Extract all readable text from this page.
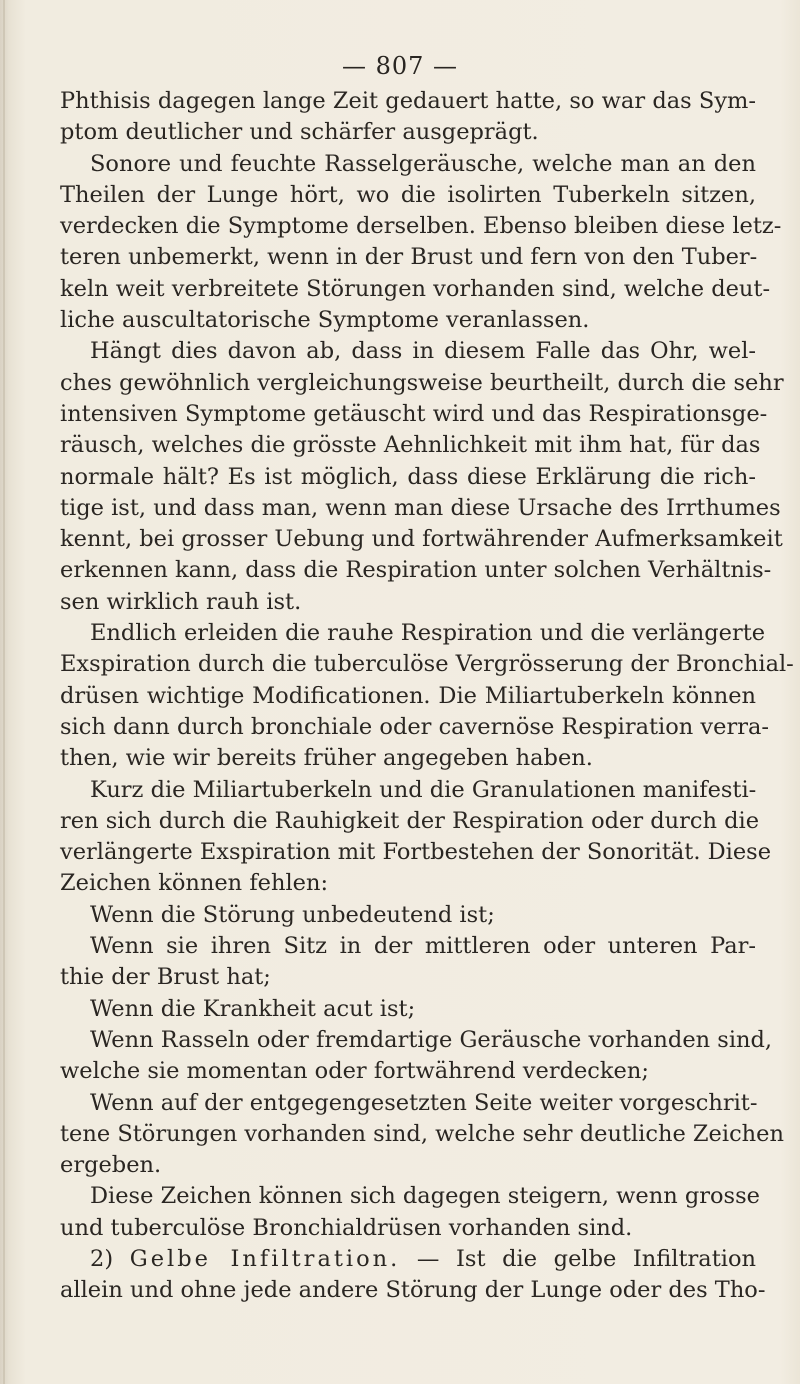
— 807 —
Phthisis dagegen lange Zeit gedauert hatte, so war das Sym-
ptom deutlicher und schärfer ausgeprägt.
Sonore und feuchte Rasselgeräusche, welche man an den
Theilen der Lunge hört, wo die isolirten Tuberkeln sitzen,
verdecken die Symptome derselben. Ebenso bleiben diese letz-
teren unbemerkt, wenn in der Brust und fern von den Tuber-
keln weit verbreitete Störungen vorhanden sind, welche deut-
liche auscultatorische Symptome veranlassen.
Hängt dies davon ab, dass in diesem Falle das Ohr, wel-
ches gewöhnlich vergleichungsweise beurtheilt, durch die sehr
intensiven Symptome getäuscht wird und das Respirationsge-
räusch, welches die grösste Aehnlichkeit mit ihm hat, für das
normale hält? Es ist möglich, dass diese Erklärung die rich-
tige ist, und dass man, wenn man diese Ursache des Irrthumes
kennt, bei grosser Uebung und fortwährender Aufmerksamkeit
erkennen kann, dass die Respiration unter solchen Verhältnis-
sen wirklich rauh ist.
Endlich erleiden die rauhe Respiration und die verlängerte
Exspiration durch die tuberculöse Vergrösserung der Bronchial-
drüsen wichtige Modificationen. Die Miliartuberkeln können
sich dann durch bronchiale oder cavernöse Respiration verra-
then, wie wir bereits früher angegeben haben.
Kurz die Miliartuberkeln und die Granulationen manifesti-
ren sich durch die Rauhigkeit der Respiration oder durch die
verlängerte Exspiration mit Fortbestehen der Sonorität. Diese
Zeichen können fehlen:
Wenn die Störung unbedeutend ist;
Wenn sie ihren Sitz in der mittleren oder unteren Par-
thie der Brust hat;
Wenn die Krankheit acut ist;
Wenn Rasseln oder fremdartige Geräusche vorhanden sind,
welche sie momentan oder fortwährend verdecken;
Wenn auf der entgegengesetzten Seite weiter vorgeschrit-
tene Störungen vorhanden sind, welche sehr deutliche Zeichen
ergeben.
Diese Zeichen können sich dagegen steigern, wenn grosse
und tuberculöse Bronchialdrüsen vorhanden sind.
2) Gelbe Infiltration. — Ist die gelbe Infiltration
allein und ohne jede andere Störung der Lunge oder des Tho-
